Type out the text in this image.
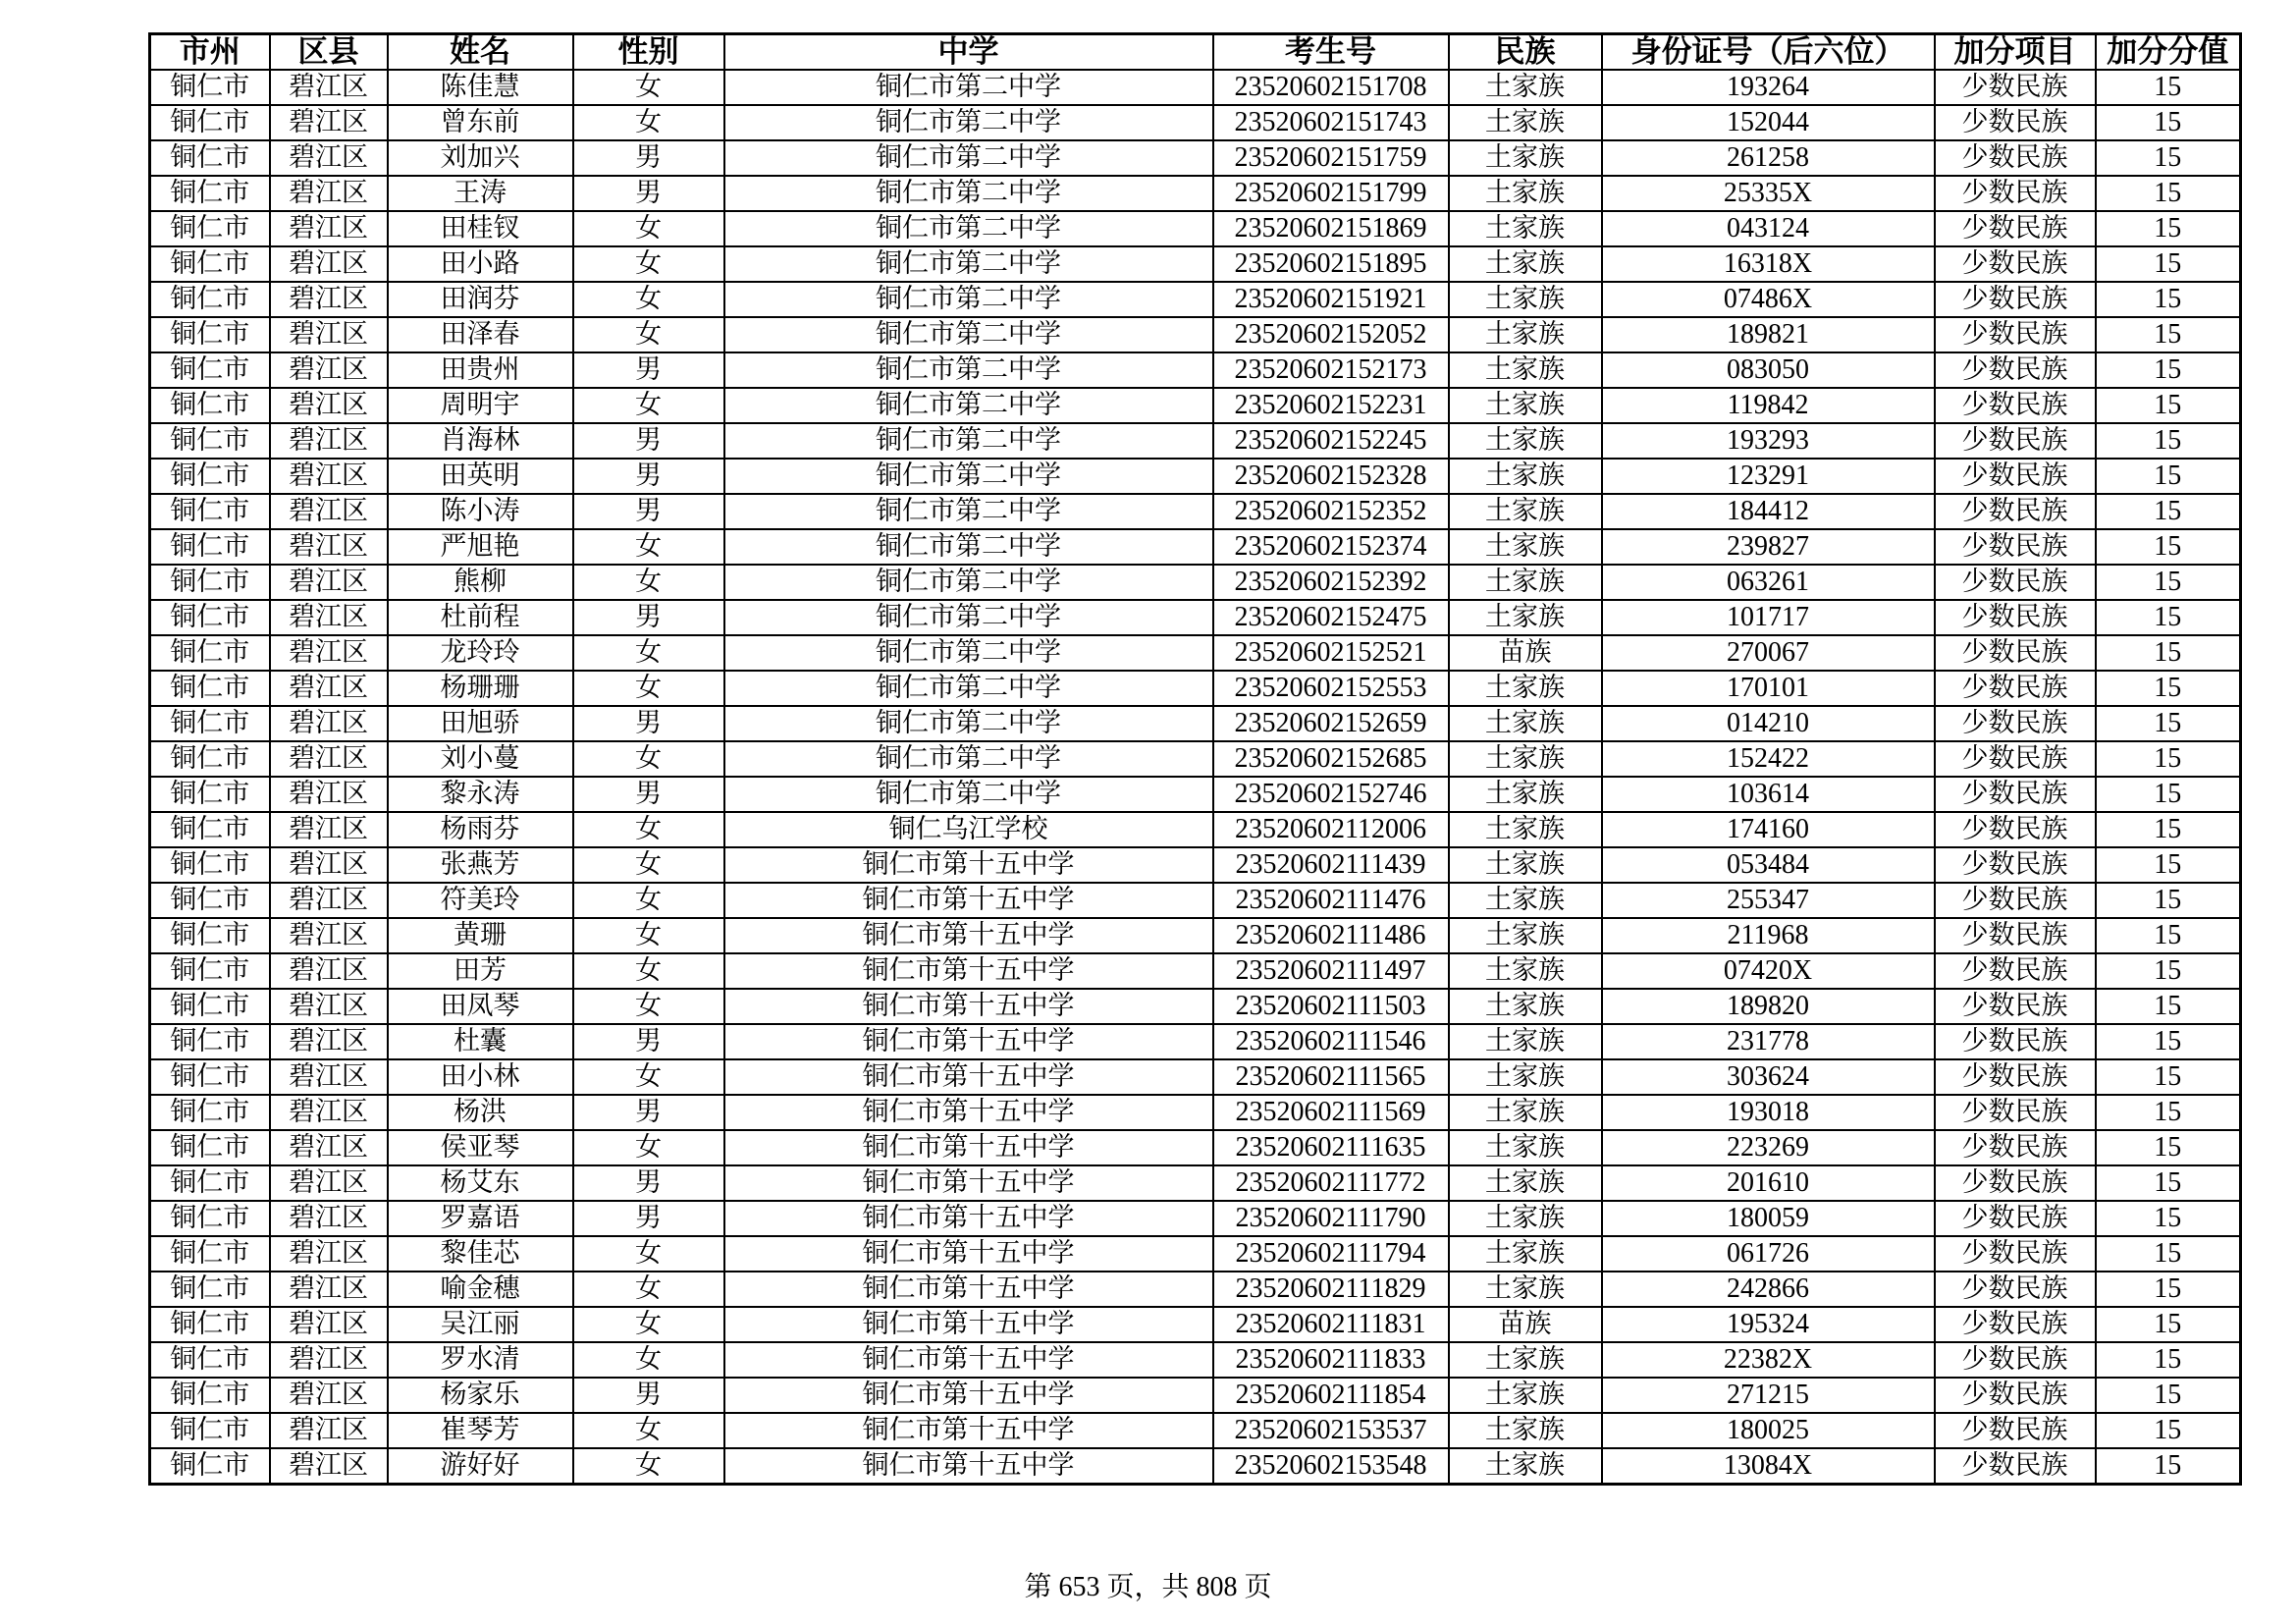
市州	区县	姓名	性别	中学	考生号	民族	身份证号（后六位）	加分项目	加分分值
铜仁市	碧江区	陈佳慧	女	铜仁市第二中学	23520602151708	土家族	193264	少数民族	15
铜仁市	碧江区	曾东前	女	铜仁市第二中学	23520602151743	土家族	152044	少数民族	15
铜仁市	碧江区	刘加兴	男	铜仁市第二中学	23520602151759	土家族	261258	少数民族	15
铜仁市	碧江区	王涛	男	铜仁市第二中学	23520602151799	土家族	25335X	少数民族	15
铜仁市	碧江区	田桂钗	女	铜仁市第二中学	23520602151869	土家族	043124	少数民族	15
铜仁市	碧江区	田小路	女	铜仁市第二中学	23520602151895	土家族	16318X	少数民族	15
铜仁市	碧江区	田润芬	女	铜仁市第二中学	23520602151921	土家族	07486X	少数民族	15
铜仁市	碧江区	田泽春	女	铜仁市第二中学	23520602152052	土家族	189821	少数民族	15
铜仁市	碧江区	田贵州	男	铜仁市第二中学	23520602152173	土家族	083050	少数民族	15
铜仁市	碧江区	周明宇	女	铜仁市第二中学	23520602152231	土家族	119842	少数民族	15
铜仁市	碧江区	肖海林	男	铜仁市第二中学	23520602152245	土家族	193293	少数民族	15
铜仁市	碧江区	田英明	男	铜仁市第二中学	23520602152328	土家族	123291	少数民族	15
铜仁市	碧江区	陈小涛	男	铜仁市第二中学	23520602152352	土家族	184412	少数民族	15
铜仁市	碧江区	严旭艳	女	铜仁市第二中学	23520602152374	土家族	239827	少数民族	15
铜仁市	碧江区	熊柳	女	铜仁市第二中学	23520602152392	土家族	063261	少数民族	15
铜仁市	碧江区	杜前程	男	铜仁市第二中学	23520602152475	土家族	101717	少数民族	15
铜仁市	碧江区	龙玲玲	女	铜仁市第二中学	23520602152521	苗族	270067	少数民族	15
铜仁市	碧江区	杨珊珊	女	铜仁市第二中学	23520602152553	土家族	170101	少数民族	15
铜仁市	碧江区	田旭骄	男	铜仁市第二中学	23520602152659	土家族	014210	少数民族	15
铜仁市	碧江区	刘小蔓	女	铜仁市第二中学	23520602152685	土家族	152422	少数民族	15
铜仁市	碧江区	黎永涛	男	铜仁市第二中学	23520602152746	土家族	103614	少数民族	15
铜仁市	碧江区	杨雨芬	女	铜仁乌江学校	23520602112006	土家族	174160	少数民族	15
铜仁市	碧江区	张燕芳	女	铜仁市第十五中学	23520602111439	土家族	053484	少数民族	15
铜仁市	碧江区	符美玲	女	铜仁市第十五中学	23520602111476	土家族	255347	少数民族	15
铜仁市	碧江区	黄珊	女	铜仁市第十五中学	23520602111486	土家族	211968	少数民族	15
铜仁市	碧江区	田芳	女	铜仁市第十五中学	23520602111497	土家族	07420X	少数民族	15
铜仁市	碧江区	田凤琴	女	铜仁市第十五中学	23520602111503	土家族	189820	少数民族	15
铜仁市	碧江区	杜囊	男	铜仁市第十五中学	23520602111546	土家族	231778	少数民族	15
铜仁市	碧江区	田小林	女	铜仁市第十五中学	23520602111565	土家族	303624	少数民族	15
铜仁市	碧江区	杨洪	男	铜仁市第十五中学	23520602111569	土家族	193018	少数民族	15
铜仁市	碧江区	侯亚琴	女	铜仁市第十五中学	23520602111635	土家族	223269	少数民族	15
铜仁市	碧江区	杨艾东	男	铜仁市第十五中学	23520602111772	土家族	201610	少数民族	15
铜仁市	碧江区	罗嘉语	男	铜仁市第十五中学	23520602111790	土家族	180059	少数民族	15
铜仁市	碧江区	黎佳芯	女	铜仁市第十五中学	23520602111794	土家族	061726	少数民族	15
铜仁市	碧江区	喻金穗	女	铜仁市第十五中学	23520602111829	土家族	242866	少数民族	15
铜仁市	碧江区	吴江丽	女	铜仁市第十五中学	23520602111831	苗族	195324	少数民族	15
铜仁市	碧江区	罗水清	女	铜仁市第十五中学	23520602111833	土家族	22382X	少数民族	15
铜仁市	碧江区	杨家乐	男	铜仁市第十五中学	23520602111854	土家族	271215	少数民族	15
铜仁市	碧江区	崔琴芳	女	铜仁市第十五中学	23520602153537	土家族	180025	少数民族	15
铜仁市	碧江区	游好好	女	铜仁市第十五中学	23520602153548	土家族	13084X	少数民族	15
第 653 页，共 808 页
